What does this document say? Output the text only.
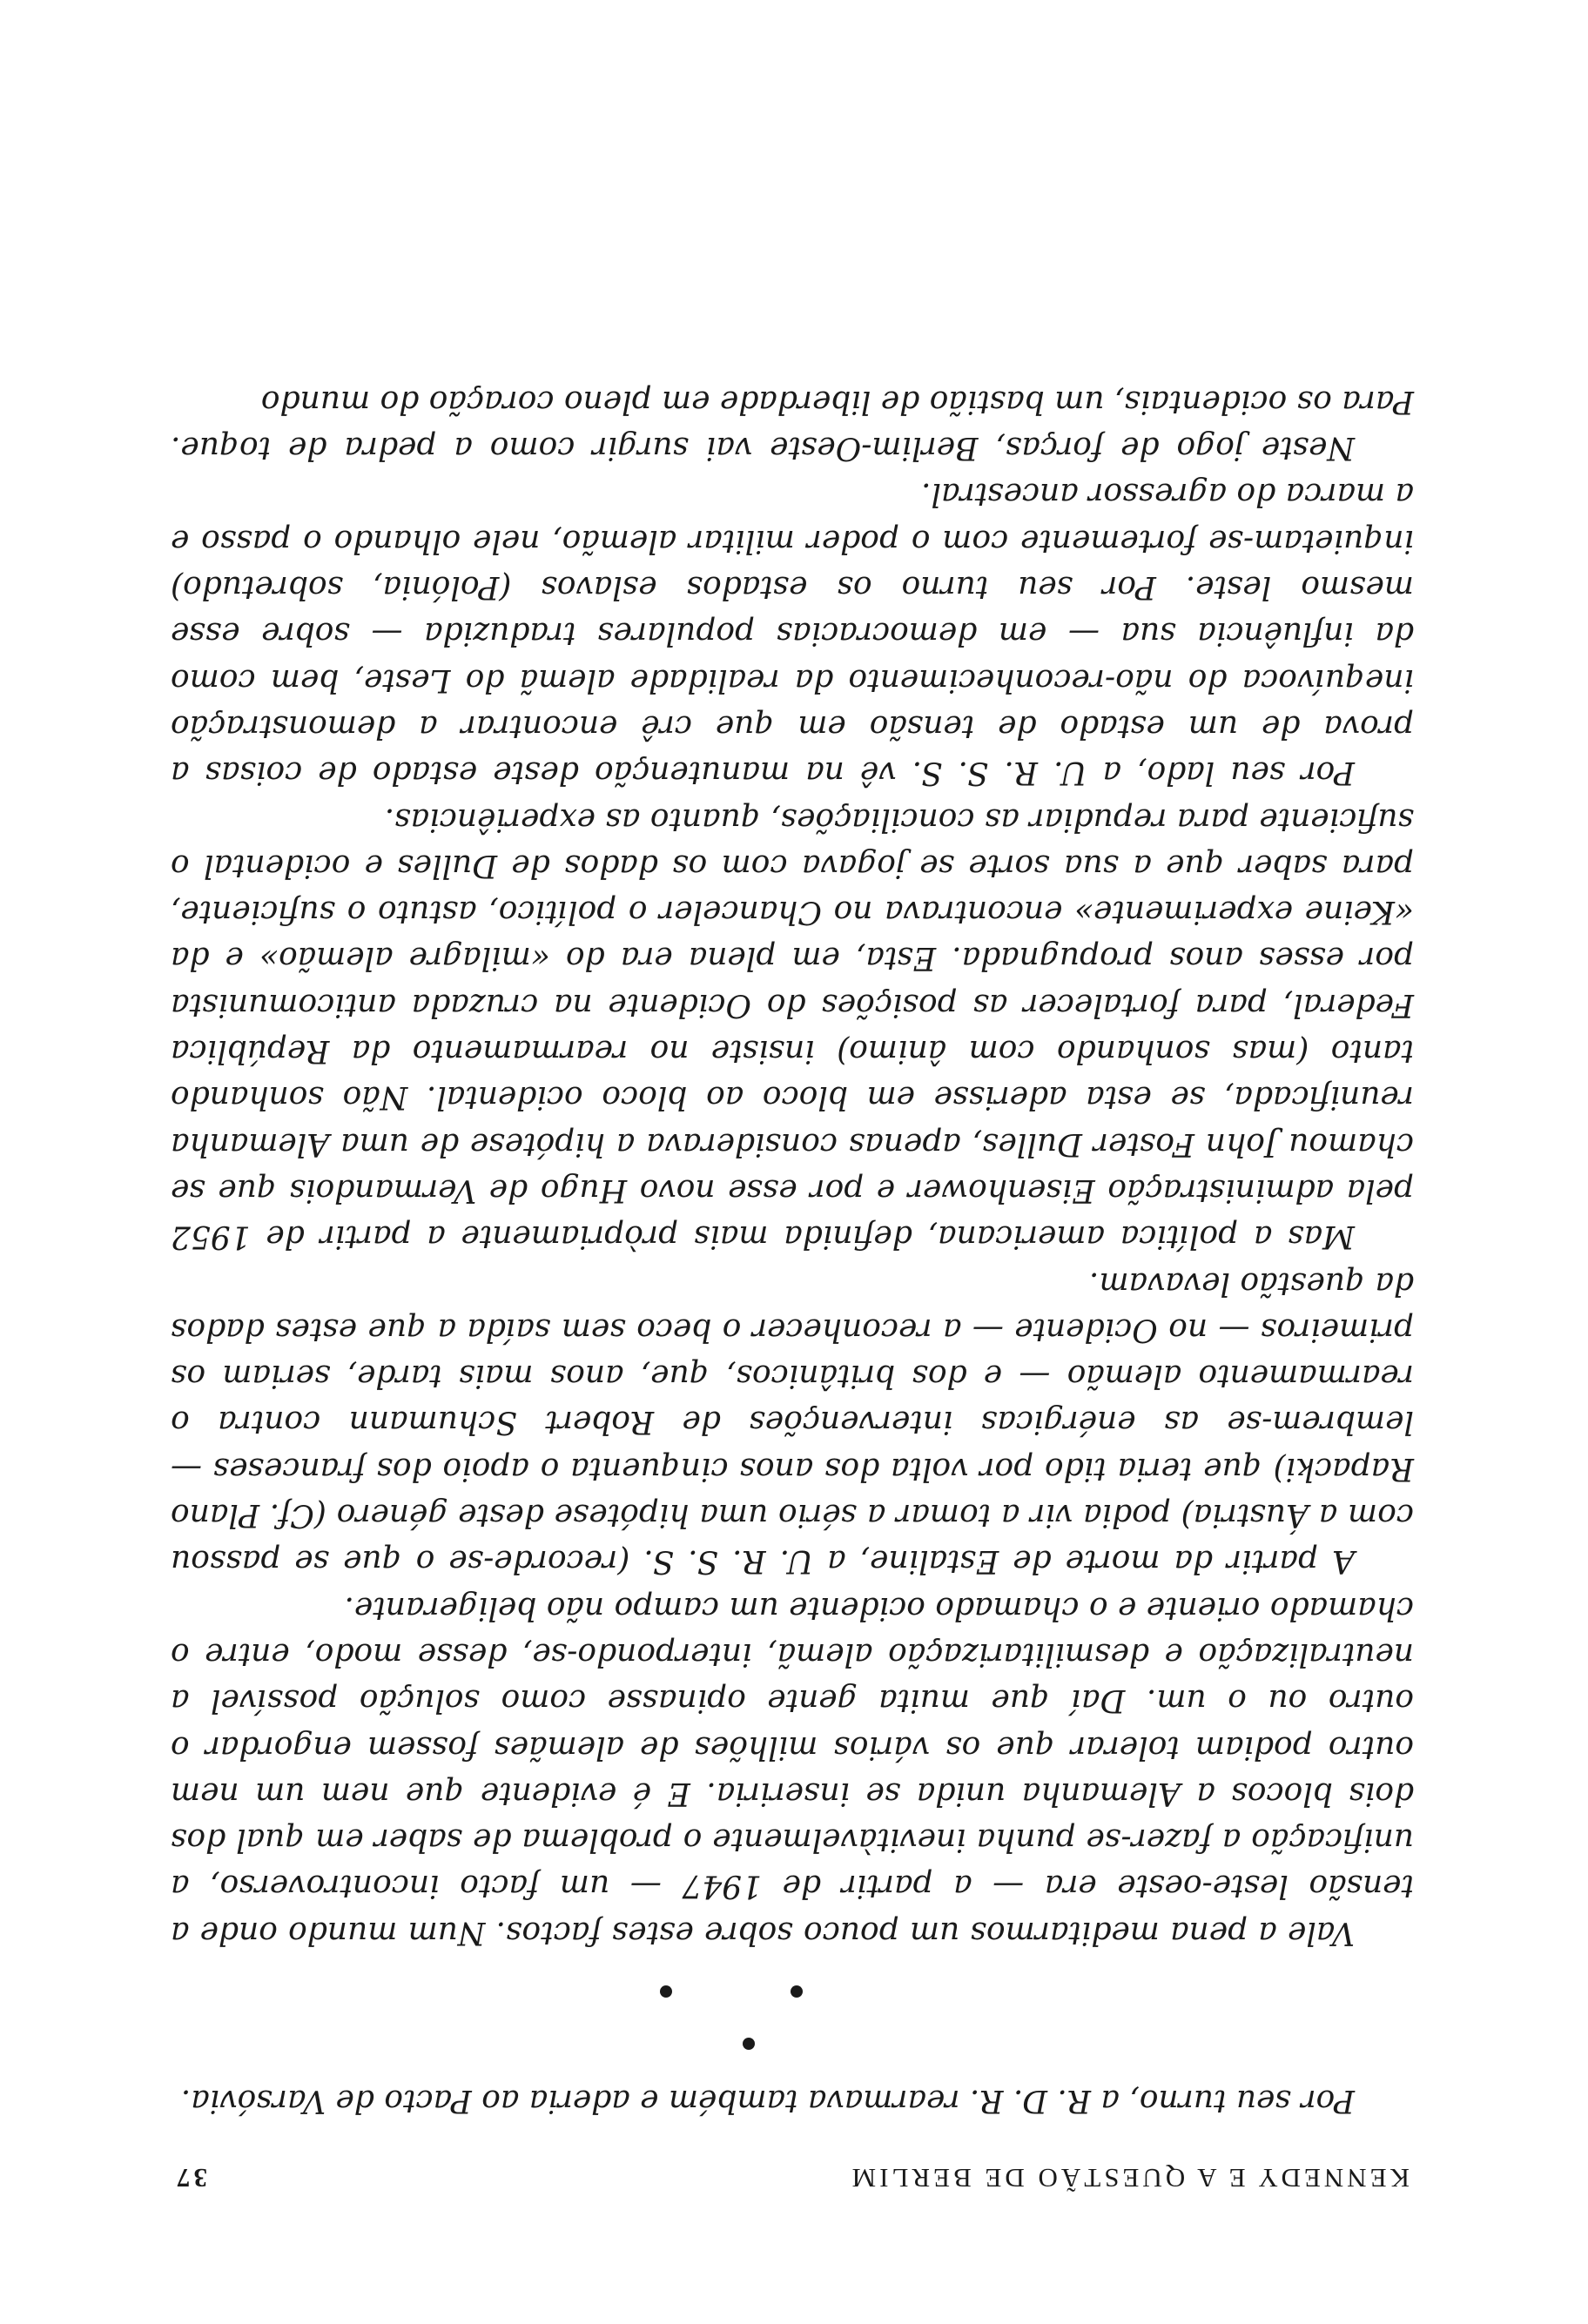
KENNEDY E A QUESTÃO DE BERLIM
37

Por seu turno, a R. D. R. rearmava também e aderia ao Pacto de Varsóvia.

Vale a pena meditarmos um pouco sobre estes factos. Num mundo onde a tensão leste-oeste era — a partir de 1947 — um facto incontroverso, a unificação a fazer-se punha inevitàvelmente o problema de saber em qual dos dois blocos a Alemanha unida se inseriria. E é evidente que nem um nem outro podiam tolerar que os vários milhões de alemães fossem engordar o outro ou o um. Daí que muita gente opinasse como solução possível a neutralização e desmilitarização alemã, interpondo-se, desse modo, entre o chamado oriente e o chamado ocidente um campo não beligerante.

A partir da morte de Estaline, a U. R. S. S. (recorde-se o que se passou com a Áustria) podia vir a tomar a sério uma hipótese deste género (Cf. Plano Rapacki) que teria tido por volta dos anos cinquenta o apoio dos franceses — lembrem-se as enérgicas intervenções de Robert Schumann contra o rearmamento alemão — e dos britânicos, que, anos mais tarde, seriam os primeiros — no Ocidente — a reconhecer o beco sem saída a que estes dados da questão levavam.

Mas a política americana, definida mais pròpriamente a partir de 1952 pela administração Eisenhower e por esse novo Hugo de Vermandois que se chamou John Foster Dulles, apenas considerava a hipótese de uma Alemanha reunificada, se esta aderisse em bloco ao bloco ocidental. Não sonhando tanto (mas sonhando com ânimo) insiste no rearmamento da República Federal, para fortalecer as posições do Ocidente na cruzada anticomunista por esses anos propugnada. Esta, em plena era do «milagre alemão» e da «Keine experimente» encontrava no Chanceler o político, astuto o suficiente, para saber que a sua sorte se jogava com os dados de Dulles e ocidental o suficiente para repudiar as conciliações, quanto as experiências.

Por seu lado, a U. R. S. S. vê na manutenção deste estado de coisas a prova de um estado de tensão em que crê encontrar a demonstração inequívoca do não-reconhecimento da realidade alemã do Leste, bem como da influência sua — em democracias populares traduzida — sobre esse mesmo leste. Por seu turno os estados eslavos (Polónia, sobretudo) inquietam-se fortemente com o poder militar alemão, nele olhando o passo e a marca do agressor ancestral.

Neste jogo de forças, Berlim-Oeste vai surgir como a pedra de toque. Para os ocidentais, um bastião de liberdade em pleno coração do mundo
